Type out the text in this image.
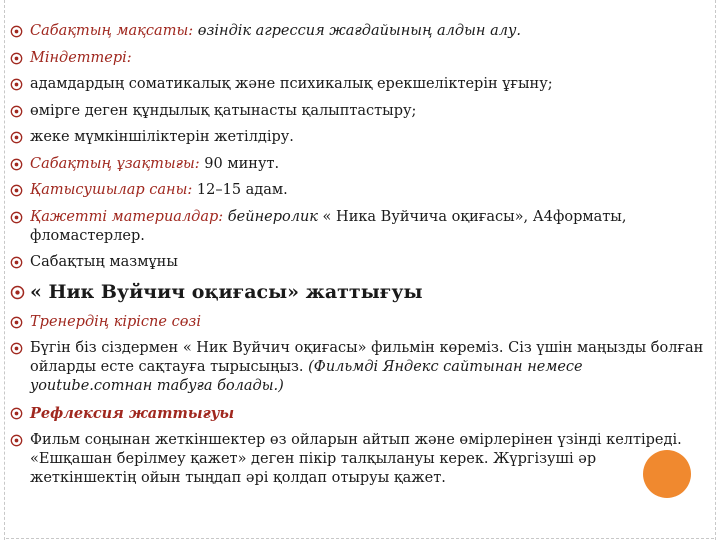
Сабақтың мақсаты: өзіндік агрессия жағдайының алдын алу.
Міндеттері:
адамдардың соматикалық және психикалық ерекшеліктерін ұғыну;
өмірге деген құндылық қатынасты қалыптастыру;
жеке мүмкіншіліктерін жетілдіру.
Сабақтың ұзақтығы: 90 минут.
Қатысушылар саны: 12–15 адам.
Қажетті материалдар: бейнеролик « Ника Вуйчича оқиғасы», А4форматы, фломастерлер.
Сабақтың мазмұны
« Ник Вуйчич оқиғасы» жаттығуы
Тренердің кіріспе сөзі
Бүгін біз сіздермен « Ник Вуйчич оқиғасы» фильмін көреміз. Сіз үшін маңызды болған ойларды есте сақтауға тырысыңыз. (Фильмді Яндекс сайтынан немесе youtube.comнан табуға болады.)
Рефлексия жаттығуы
Фильм соңынан жеткіншектер өз ойларын айтып және өмірлерінен үзінді келтіреді. «Ешқашан берілмеу қажет» деген пікір талқылануы керек. Жүргізуші әр жеткіншектің ойын тыңдап әрі қолдап отыруы қажет.
